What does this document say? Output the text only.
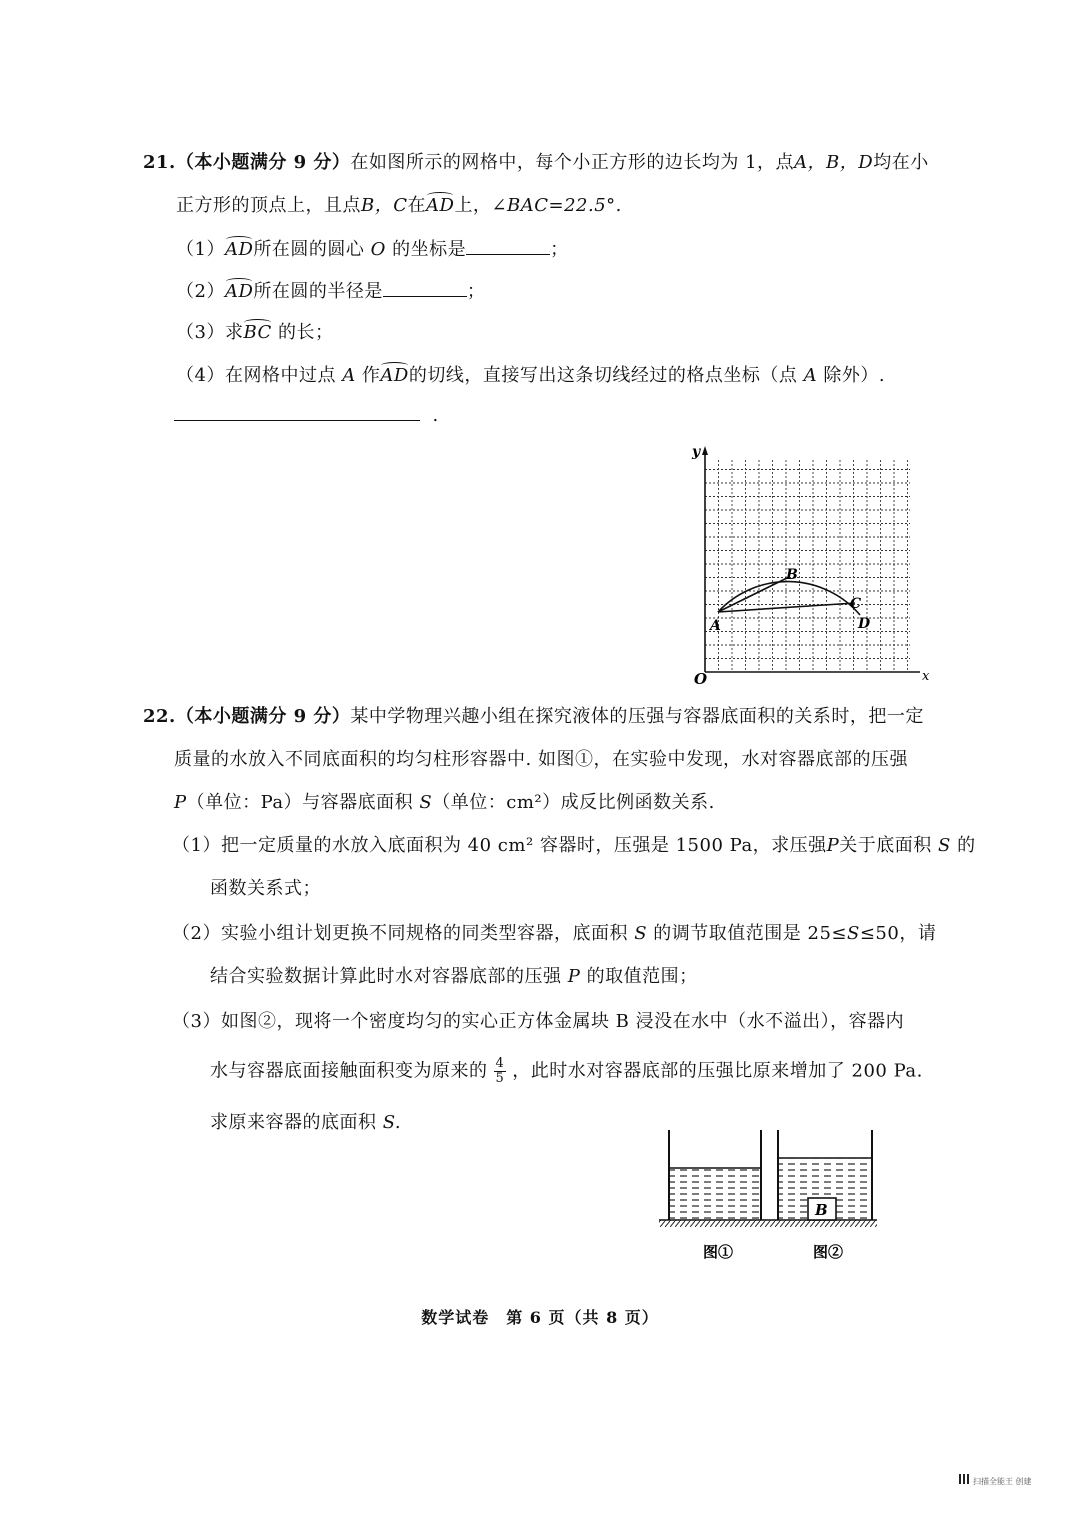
21.（本小题满分 9 分）在如图所示的网格中，每个小正方形的边长均为 1，点A，B，D均在小
正方形的顶点上，且点B，C在AD上，∠BAC=22.5°.
（1）AD所在圆的圆心 O 的坐标是	；
（2）AD所在圆的半径是	；
（3）求BC 的长；
（4）在网格中过点 A 作AD的切线，直接写出这条切线经过的格点坐标（点 A 除外）.
.
y
x
O
A
B
C
D
22.（本小题满分 9 分）某中学物理兴趣小组在探究液体的压强与容器底面积的关系时，把一定
质量的水放入不同底面积的均匀柱形容器中. 如图①，在实验中发现，水对容器底部的压强
P（单位：Pa）与容器底面积 S（单位：cm²）成反比例函数关系.
（1）把一定质量的水放入底面积为 40 cm² 容器时，压强是 1500 Pa，求压强P关于底面积 S 的
函数关系式；
（2）实验小组计划更换不同规格的同类型容器，底面积 S 的调节取值范围是 25≤S≤50，请
结合实验数据计算此时水对容器底部的压强 P 的取值范围；
（3）如图②，现将一个密度均匀的实心正方体金属块 B 浸没在水中（水不溢出），容器内
水与容器底面接触面积变为原来的 $\frac{4}{5}$ ，此时水对容器底部的压强比原来增加了 200 Pa.
求原来容器的底面积 S.
B
图①	图②
数学试卷　第 6 页（共 8 页）
扫描全能王 创建
